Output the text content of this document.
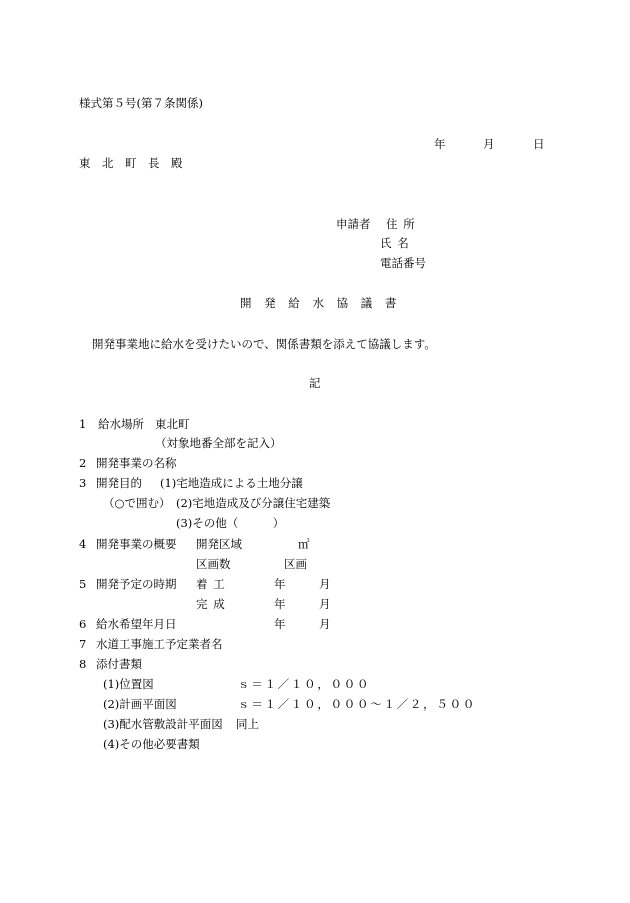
様式第５号(第７条関係)
年	月	日
東北町長殿
申請者 住所
氏名
電話番号
開発給水協議書
開発事業地に給水を受けたいので、関係書類を添えて協議します。
記
1 給水場所 東北町
（対象地番全部を記入）
2 開発事業の名称
3 開発目的 (1)宅地造成による土地分譲
（○で囲む） (2)宅地造成及び分譲住宅建築
(3)その他（　　　）
4 開発事業の概要 開発区域	㎡
区画数	区画
5 開発予定の時期 着工	年	月
完成	年	月
6 給水希望年月日	年	月
7 水道工事施工予定業者名
8 添付書類
(1)位置図	ｓ＝１／１０，０００
(2)計画平面図	ｓ＝１／１０，０００～１／２，５００
(3)配水管敷設計平面図 同上
(4)その他必要書類
